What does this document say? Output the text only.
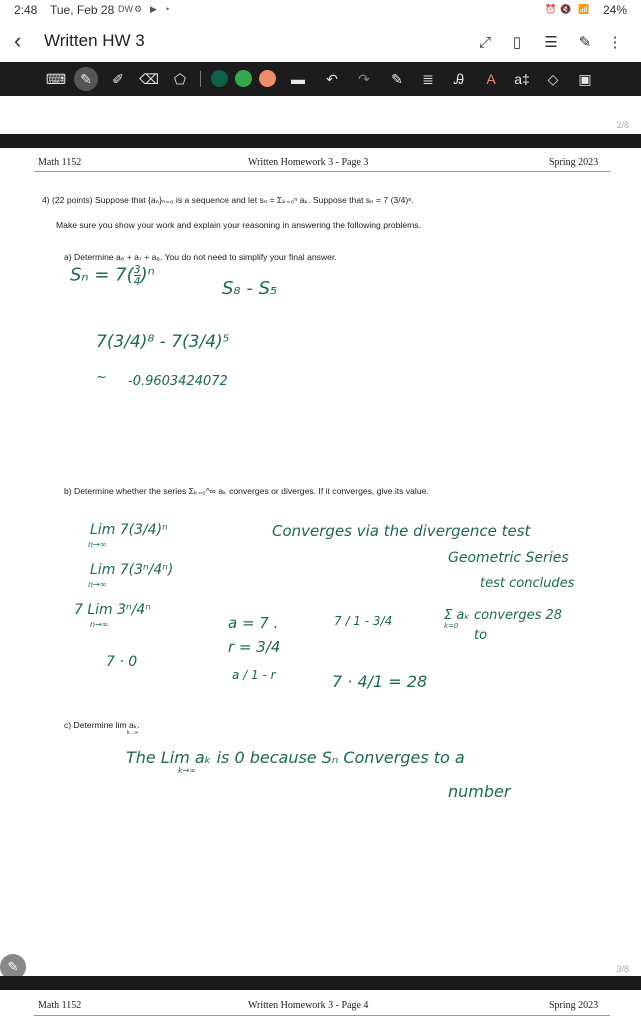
2:48 Tue, Feb 28 DW ⚙ ▶ •	⏰ 🔇 📶 24%
‹ Written HW 3	⤢	▯	☰	✎	⋮
⌨	✎	✐	⌫	⬠	▬	↶	↷	✎	≣	Ꭿ	A	a‡	◇	▣
2/8
Math 1152	Written Homework 3 - Page 3	Spring 2023
4) (22 points) Suppose that {aₙ}ₙ₌₀ is a sequence and let sₙ = Σₖ₌₀ⁿ aₖ. Suppose that sₙ = 7 (3/4)ⁿ.
Make sure you show your work and explain your reasoning in answering the following problems.
a) Determine a₆ + a₇ + a₈. You do not need to simplify your final answer.
$S_n = 7( \frac{3}{4} )^n$
S₈ - S₅
7(3/4)⁸ - 7(3/4)⁵
~ -0.9603424072
b) Determine whether the series Σₖ₌₀^∞ aₖ converges or diverges. If it converges, give its value.
Lim 7(3/4)ⁿ
n→∞
Lim 7(3ⁿ/4ⁿ)
n→∞
7 Lim 3ⁿ/4ⁿ
n→∞
7 · 0
Converges via the divergence test
Geometric Series
test concludes
Σ aₖ converges 28
k=0
to
a = 7 .
r = 3/4
a / 1 - r
7 / 1 - 3/4
7 · 4/1 = 28
c) Determine lim aₖ.
k→∞
The Lim aₖ is 0 because Sₙ Converges to a
k→∞
number
3/8
✎
Math 1152	Written Homework 3 - Page 4	Spring 2023
